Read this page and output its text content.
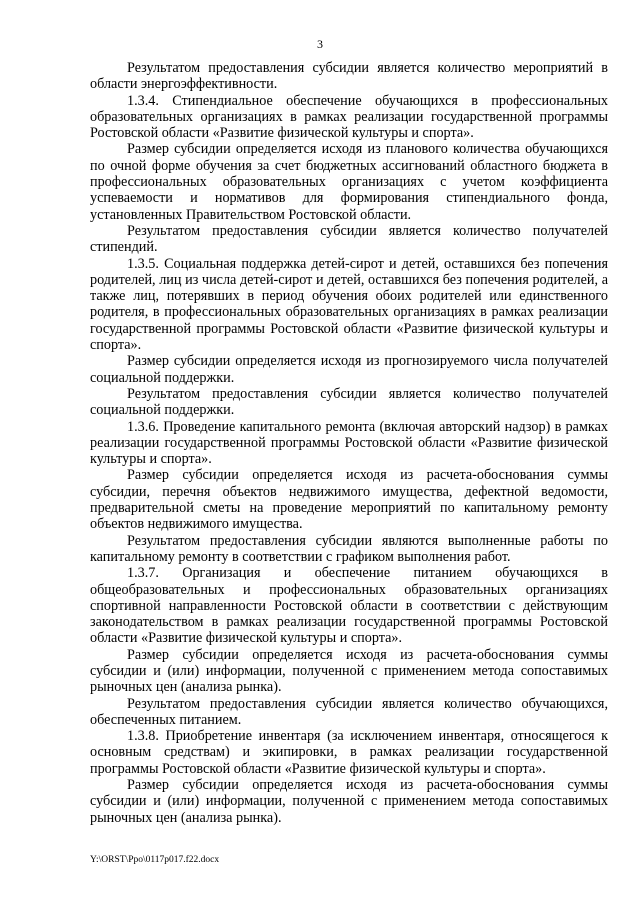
3

Результатом предоставления субсидии является количество мероприятий в области энергоэффективности.

1.3.4. Стипендиальное обеспечение обучающихся в профессиональных образовательных организациях в рамках реализации государственной программы Ростовской области «Развитие физической культуры и спорта».

Размер субсидии определяется исходя из планового количества обучающихся по очной форме обучения за счет бюджетных ассигнований областного бюджета в профессиональных образовательных организациях с учетом коэффициента успеваемости и нормативов для формирования стипендиального фонда, установленных Правительством Ростовской области.

Результатом предоставления субсидии является количество получателей стипендий.

1.3.5. Социальная поддержка детей-сирот и детей, оставшихся без попечения родителей, лиц из числа детей-сирот и детей, оставшихся без попечения родителей, а также лиц, потерявших в период обучения обоих родителей или единственного родителя, в профессиональных образовательных организациях в рамках реализации государственной программы Ростовской области «Развитие физической культуры и спорта».

Размер субсидии определяется исходя из прогнозируемого числа получателей социальной поддержки.

Результатом предоставления субсидии является количество получателей социальной поддержки.

1.3.6. Проведение капитального ремонта (включая авторский надзор) в рамках реализации государственной программы Ростовской области «Развитие физической культуры и спорта».

Размер субсидии определяется исходя из расчета-обоснования суммы субсидии, перечня объектов недвижимого имущества, дефектной ведомости, предварительной сметы на проведение мероприятий по капитальному ремонту объектов недвижимого имущества.

Результатом предоставления субсидии являются выполненные работы по капитальному ремонту в соответствии с графиком выполнения работ.

1.3.7. Организация и обеспечение питанием обучающихся в общеобразовательных и профессиональных образовательных организациях спортивной направленности Ростовской области в соответствии с действующим законодательством в рамках реализации государственной программы Ростовской области «Развитие физической культуры и спорта».

Размер субсидии определяется исходя из расчета-обоснования суммы субсидии и (или) информации, полученной с применением метода сопоставимых рыночных цен (анализа рынка).

Результатом предоставления субсидии является количество обучающихся, обеспеченных питанием.

1.3.8. Приобретение инвентаря (за исключением инвентаря, относящегося к основным средствам) и экипировки, в рамках реализации государственной программы Ростовской области «Развитие физической культуры и спорта».

Размер субсидии определяется исходя из расчета-обоснования суммы субсидии и (или) информации, полученной с применением метода сопоставимых рыночных цен (анализа рынка).

Y:\ORST\Ppo\0117p017.f22.docx
